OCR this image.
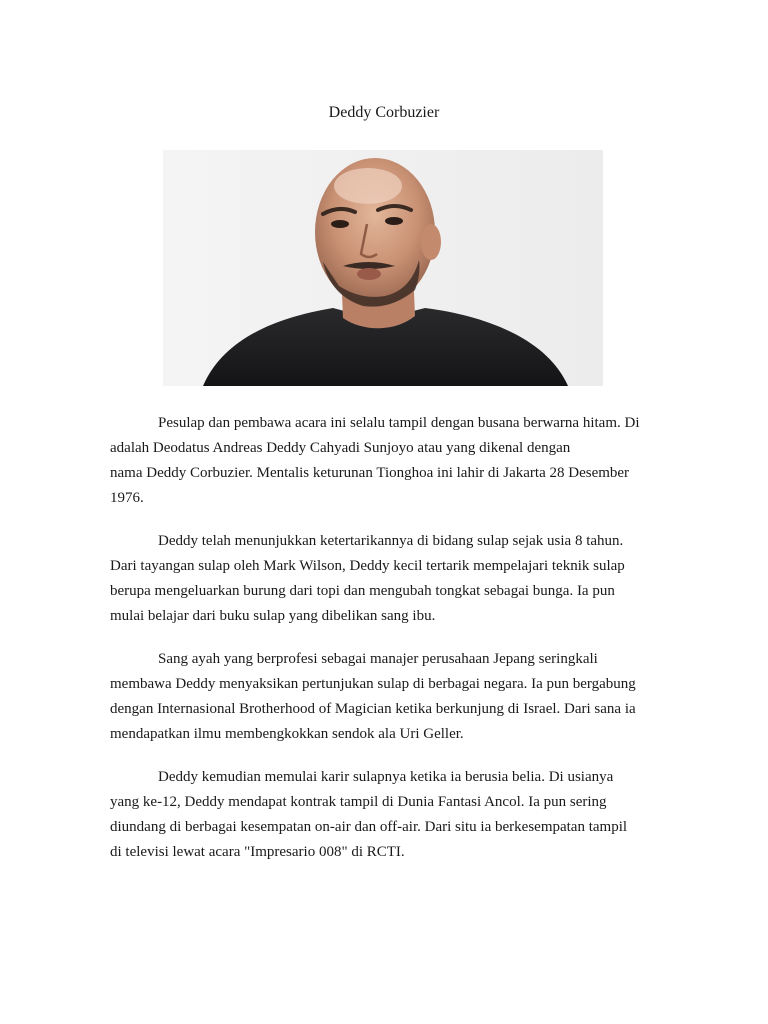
Deddy Corbuzier

Pesulap dan pembawa acara ini selalu tampil dengan busana berwarna hitam. Di
adalah Deodatus Andreas Deddy Cahyadi Sunjoyo atau yang dikenal dengan
nama Deddy Corbuzier. Mentalis keturunan Tionghoa ini lahir di Jakarta 28 Desember
1976.

Deddy telah menunjukkan ketertarikannya di bidang sulap sejak usia 8 tahun.
Dari tayangan sulap oleh Mark Wilson, Deddy kecil tertarik mempelajari teknik sulap
berupa mengeluarkan burung dari topi dan mengubah tongkat sebagai bunga. Ia pun
mulai belajar dari buku sulap yang dibelikan sang ibu.

Sang ayah yang berprofesi sebagai manajer perusahaan Jepang seringkali
membawa Deddy menyaksikan pertunjukan sulap di berbagai negara. Ia pun bergabung
dengan Internasional Brotherhood of Magician ketika berkunjung di Israel. Dari sana ia
mendapatkan ilmu membengkokkan sendok ala Uri Geller.

Deddy kemudian memulai karir sulapnya ketika ia berusia belia. Di usianya
yang ke-12, Deddy mendapat kontrak tampil di Dunia Fantasi Ancol. Ia pun sering
diundang di berbagai kesempatan on-air dan off-air. Dari situ ia berkesempatan tampil
di televisi lewat acara "Impresario 008" di RCTI.
